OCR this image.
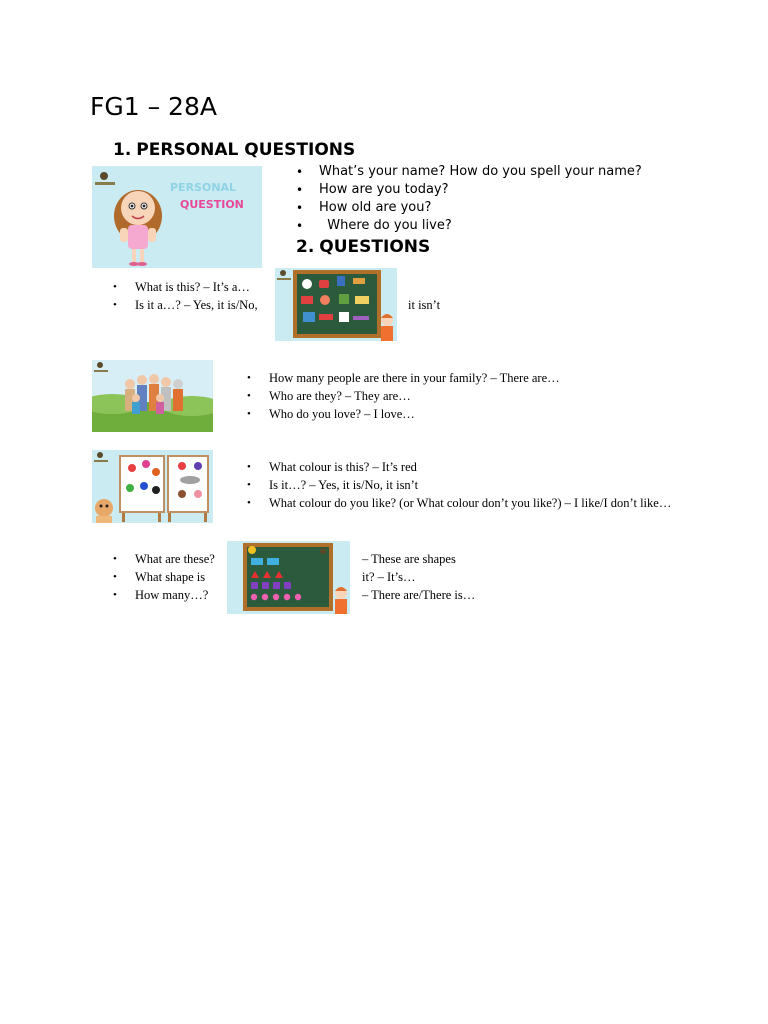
FG1 – 28A
1. PERSONAL QUESTIONS
PERSONAL
QUESTION
• What’s your name? How do you spell your name?
• How are you today?
• How old are you?
•   Where do you live?
2. QUESTIONS
• What is this? – It’s a…
• Is it a…? – Yes, it is/No,	it isn’t
• How many people are there in your family? – There are…
• Who are they? – They are…
• Who do you love? – I love…
• What colour is this? – It’s red
• Is it…? – Yes, it is/No, it isn’t
• What colour do you like? (or What colour don’t you like?) – I like/I don’t like…
• What are these?
• What shape is
• How many…?
– These are shapes
it? – It’s…
– There are/There is…
